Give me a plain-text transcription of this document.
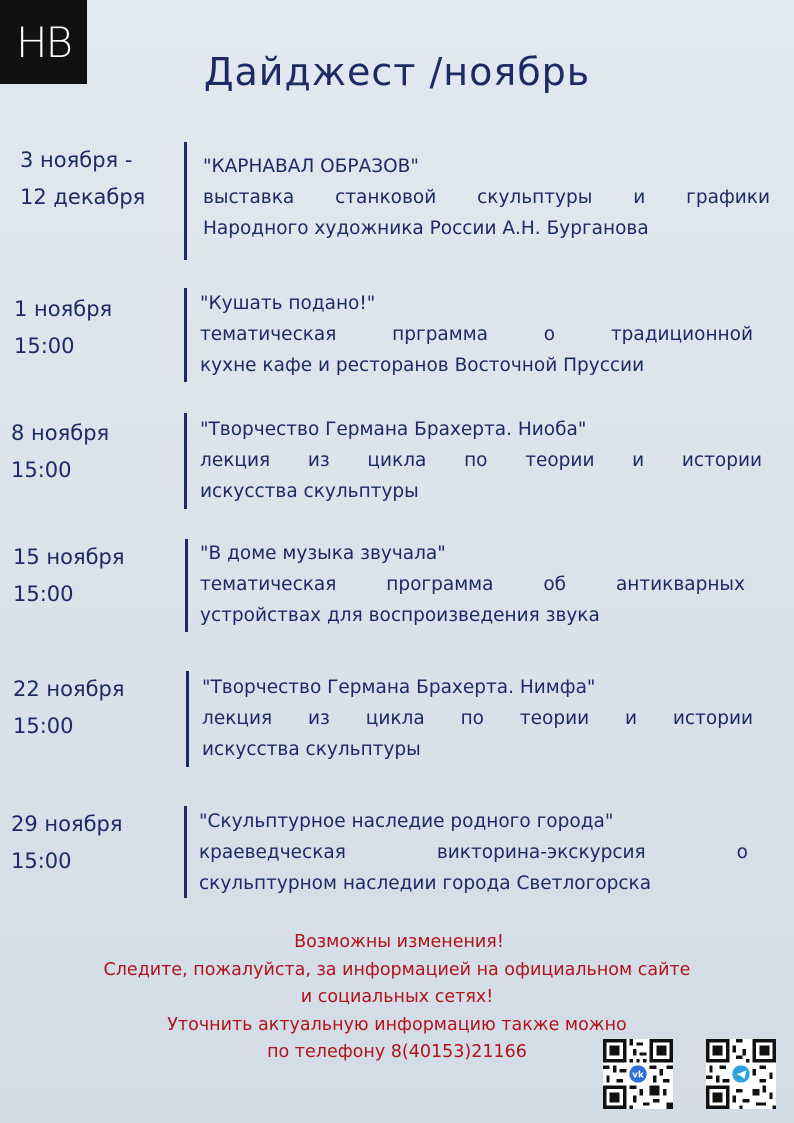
НВ
Дайджест /ноябрь
3 ноября -
12 декабря
"КАРНАВАЛ ОБРАЗОВ"
выставка станковой скульптуры и графики
Народного художника России А.Н. Бурганова
1 ноября
15:00
"Кушать подано!"
тематическая прграмма о традиционной
кухне кафе и ресторанов Восточной Пруссии
8 ноября
15:00
"Творчество Германа Брахерта. Ниоба"
лекция из цикла по теории и истории
искусства скульптуры
15 ноября
15:00
"В доме музыка звучала"
тематическая программа об антикварных
устройствах для воспроизведения звука
22 ноября
15:00
"Творчество Германа Брахерта. Нимфа"
лекция из цикла по теории и истории
искусства скульптуры
29 ноября
15:00
"Скульптурное наследие родного города"
краеведческая викторина-экскурсия о
скульптурном наследии города Светлогорска
Возможны изменения!
Следите, пожалуйста, за информацией на официальном сайте
и социальных сетях!
Уточнить актуальную информацию также можно
по телефону 8(40153)21166
vk
